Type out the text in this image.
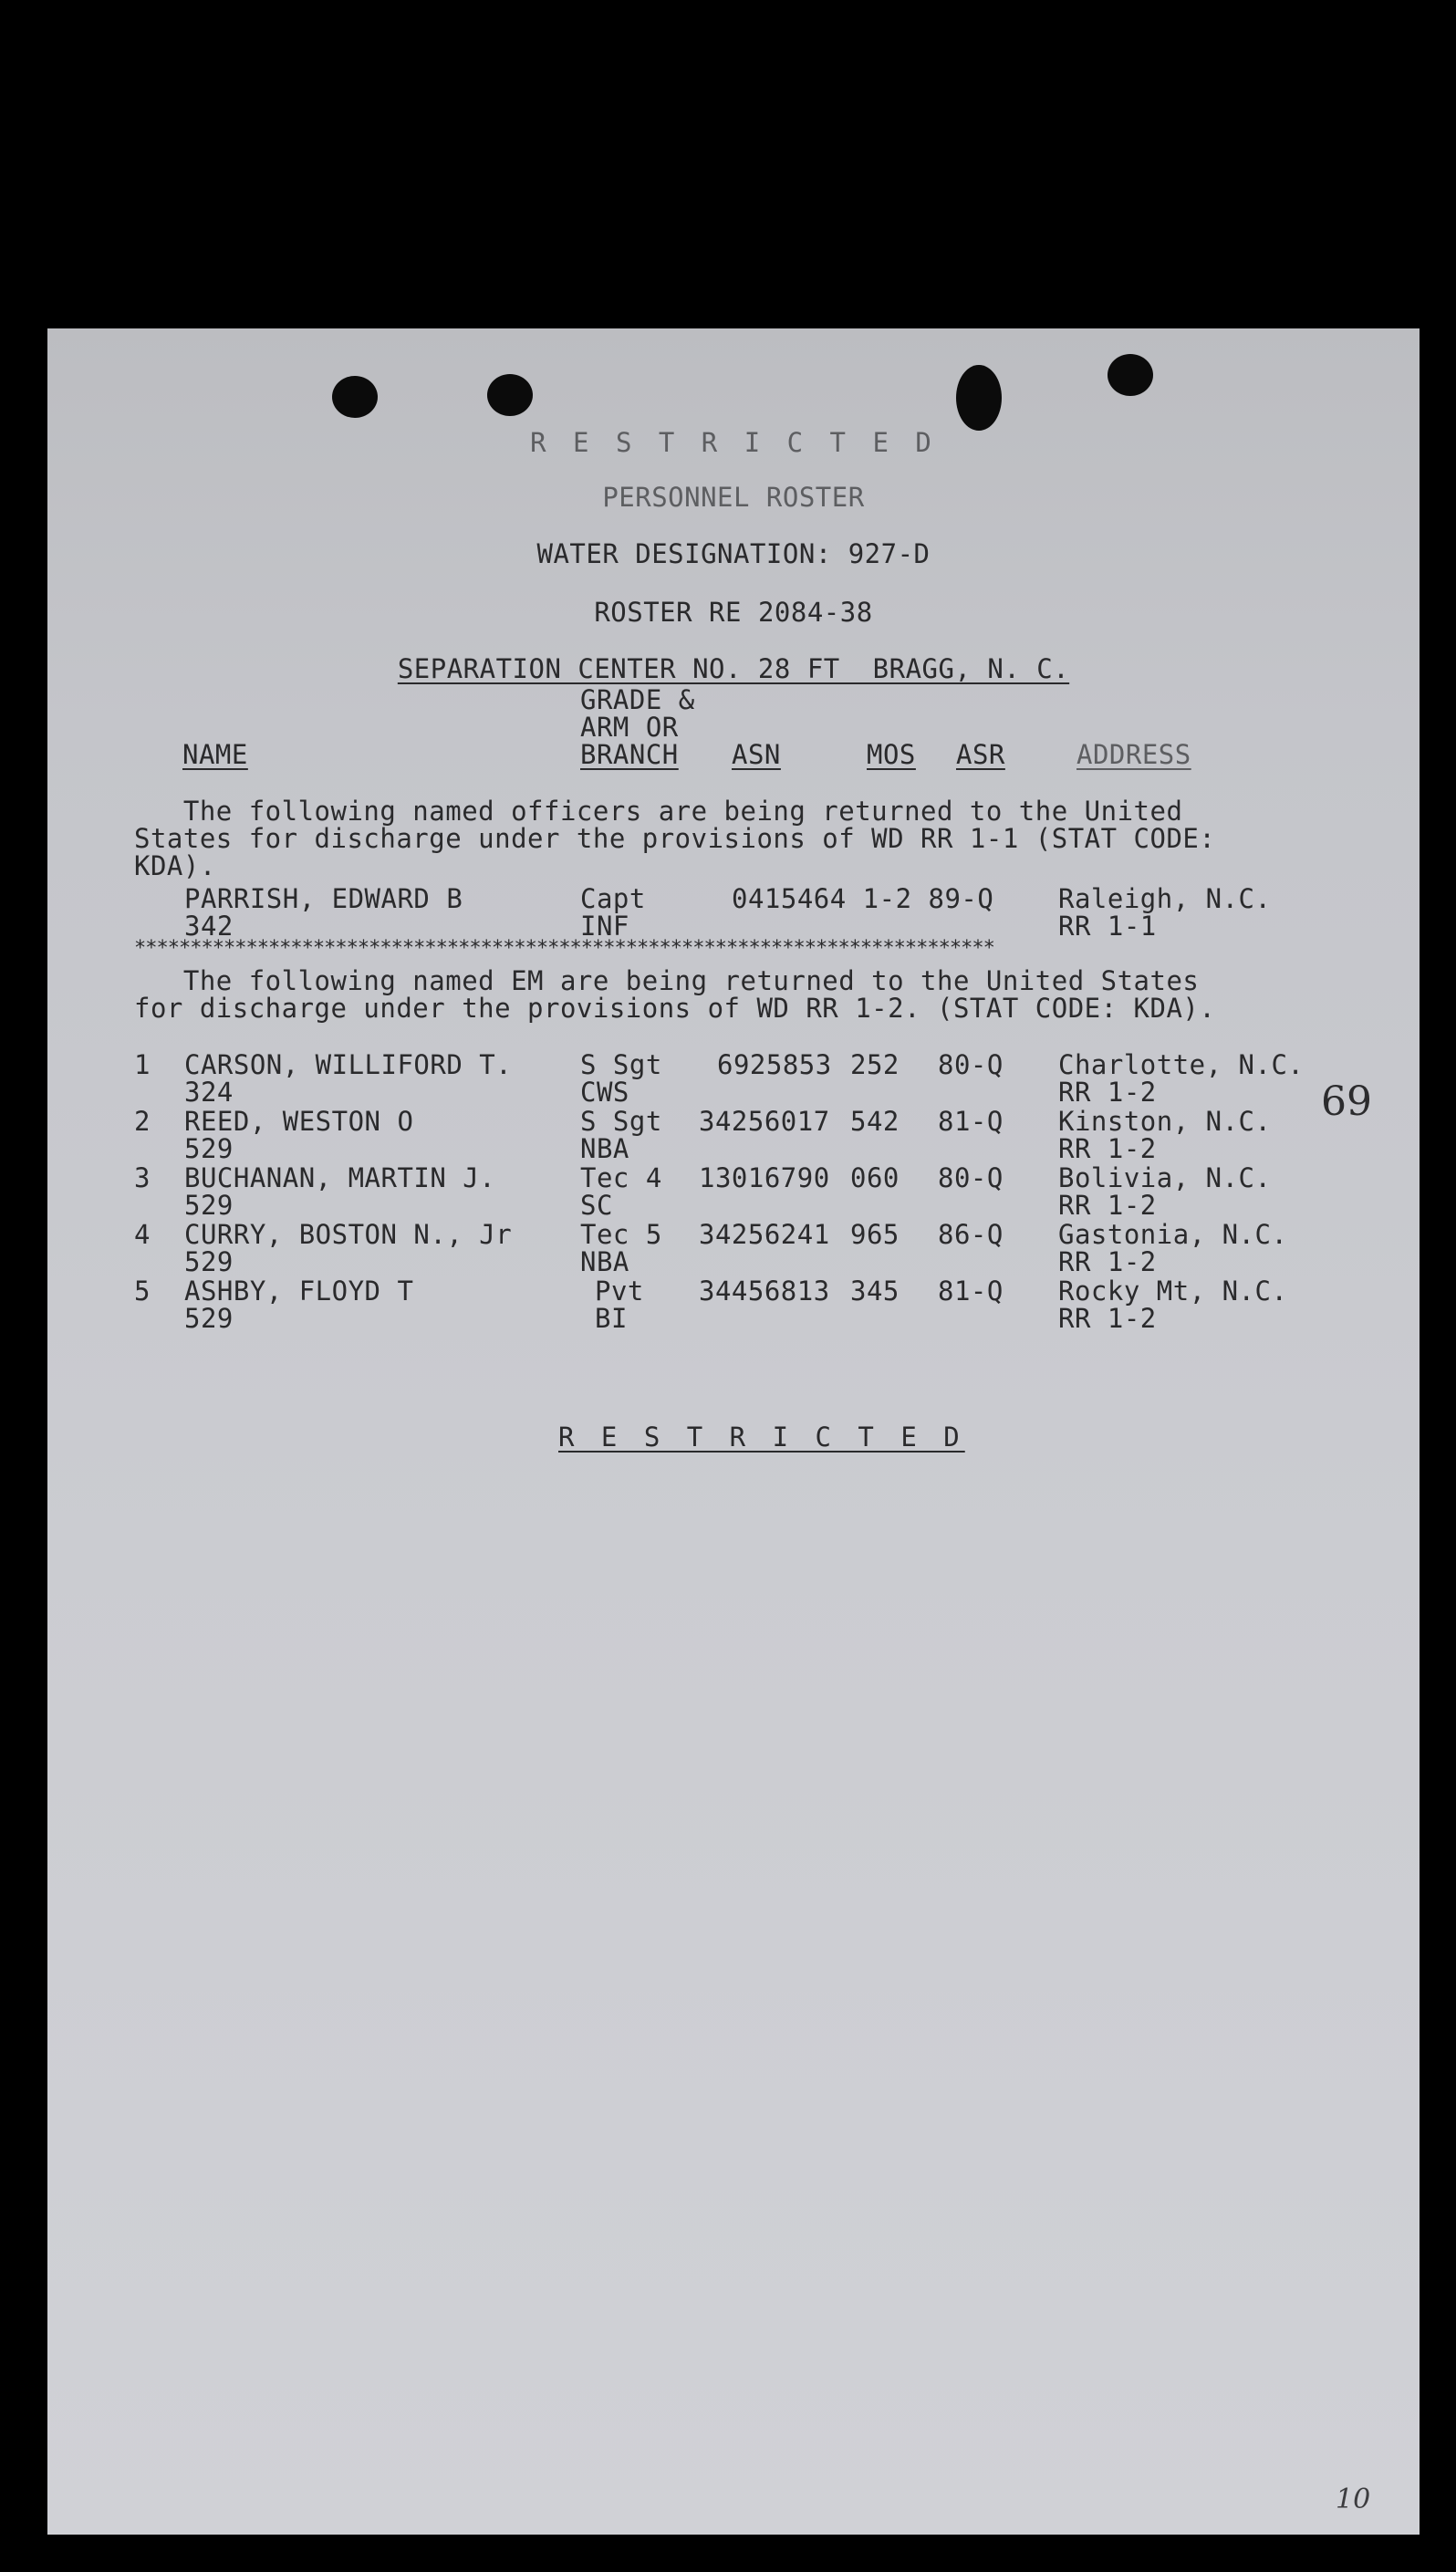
R E S T R I C T E D
PERSONNEL ROSTER
WATER DESIGNATION: 927-D
ROSTER RE 2084-38
SEPARATION CENTER NO. 28 FT  BRAGG, N. C.
NAME
GRADE &
ARM OR
BRANCH ASN	MOS ASR	ADDRESS
The following named officers are being returned to the United
States for discharge under the provisions of WD RR 1-1 (STAT CODE:
KDA).
PARRISH, EDWARD B
342
Capt
INF
0415464 1-2 89-Q Raleigh, N.C.
RR 1-1
*****************************************************************************
The following named EM are being returned to the United States
for discharge under the provisions of WD RR 1-2. (STAT CODE: KDA).
1 CARSON, WILLIFORD T.
324
S Sgt
CWS
6925853 252 80-Q Charlotte, N.C.
RR 1-2
2 REED, WESTON O
529
S Sgt
NBA
34256017 542 81-Q Kinston, N.C.
RR 1-2
3 BUCHANAN, MARTIN J.
529
Tec 4
SC
13016790 060 80-Q Bolivia, N.C.
RR 1-2
4 CURRY, BOSTON N., Jr
529
Tec 5
NBA
34256241 965 86-Q Gastonia, N.C.
RR 1-2
5 ASHBY, FLOYD T
529
Pvt
BI
34456813 345 81-Q Rocky Mt, N.C.
RR 1-2
69
R E S T R I C T E D
10
